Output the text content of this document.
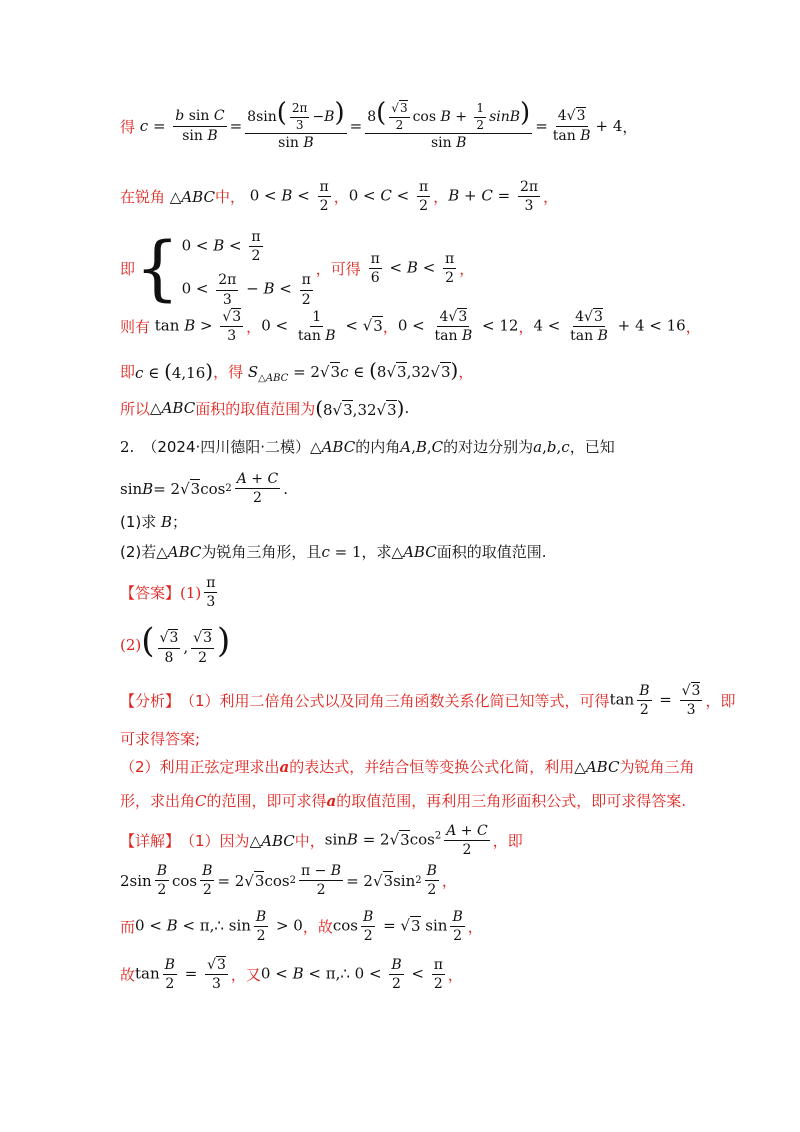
得 $c = \frac{\text{b sin C}}{\text{sin B}} = \frac{8\sin( \frac{2\pi}{3} -B)}{\text{sin B}} = \frac{8( \frac{√3}{2} \cos B + \frac{1}{2} \sin B)}{\text{sin B}} = \frac{4√3}{\text{tan B}} + 4$ ，
在锐角 △ABC 中， $0 < B < \frac{\pi}{2}$ ， $0 < C < \frac{\pi}{2}$ ， $B + C = \frac{2\pi}{3}$ ，
即 { $0 < B < \frac{\pi}{2}$
$0 < \frac{2\pi}{3} - B < \frac{\pi}{2}$
，可得
$\frac{\pi}{6} < B < \frac{\pi}{2}$ ，
则有 $\tan B > \frac{√3}{3}$ ， $0 < \frac{1}{\text{tan B}} < √3$ ， $0 < \frac{4√3}{\text{tan B}} < 12$ ， $4 < \frac{4√3}{\text{tan B}} + 4 < 16$ ，
即 c ∈ (4,16) ，得 $S_{\triangle ABC} = 2√3c$ ∈ (8√3,32√3) ，
所以 △ABC 面积的取值范围为 (8√3,32√3) .
2. （2024·四川德阳·二模） △ABC 的内角 A , B , C 的对边分别为 a , b , c ，已知
sin B = 2√ 3 $\cos 2 \frac{A + C}{2}$ .
(1)求 B ；
(2)若 △ABC 为锐角三角形，且 c = 1 ，求 △ABC 面积的取值范围.
【答案】 $(1) \frac{\pi}{3}$
(2) ( $\frac{√3}{8}$ , $\frac{√3}{2}$ )
【分析】 （1）利用二倍角公式以及同角三角函数关系化简已知等式，可得 $\tan \frac{B}{2} = \frac{√3}{3}$ ，即
可求得答案;
（2）利用正弦定理求出 a 的表达式，并结合恒等变换公式化简，利用 △ABC 为锐角三角
形，求出角 C 的范围，即可求得 a 的取值范围，再利用三角形面积公式，即可求得答案.
【详解】 （1）因为 △ABC 中， $\sin B = 2√3\cos^2 \frac{A + C}{2}$ ，即
$2\sin \frac{B}{2}$ $\cos \frac{B}{2} = 2√$ 3 $\cos 2 \frac{\pi - B}{2} = 2√$ 3 $\sin 2 \frac{B}{2}$ ，
而 0 < B < π,∴ $\sin \frac{B}{2} > 0$ ，故 $\cos \frac{B}{2} = √3$ $\sin \frac{B}{2}$ ，
故 $\tan \frac{B}{2} = \frac{√3}{3}$ ，又 0 < B < π,∴ $0 < \frac{B}{2} < \frac{\pi}{2}$ ，
